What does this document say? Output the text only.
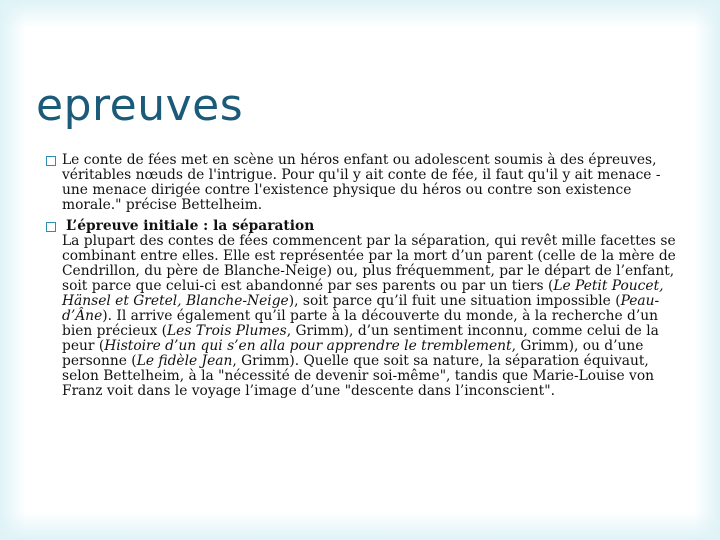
epreuves

Le conte de fées met en scène un héros enfant ou adolescent soumis à des épreuves, véritables nœuds de l'intrigue. Pour qu'il y ait conte de fée, il faut qu'il y ait menace - une menace dirigée contre l'existence physique du héros ou contre son existence morale." précise Bettelheim.

L’épreuve initiale : la séparation

La plupart des contes de fées commencent par la séparation, qui revêt mille facettes se combinant entre elles. Elle est représentée par la mort d’un parent (celle de la mère de Cendrillon, du père de Blanche-Neige) ou, plus fréquemment, par le départ de l’enfant, soit parce que celui-ci est abandonné par ses parents ou par un tiers (Le Petit Poucet, Hänsel et Gretel, Blanche-Neige), soit parce qu’il fuit une situation impossible (Peau-d’Âne). Il arrive également qu’il parte à la découverte du monde, à la recherche d’un bien précieux (Les Trois Plumes, Grimm), d’un sentiment inconnu, comme celui de la peur (Histoire d’un qui s’en alla pour apprendre le tremblement, Grimm), ou d’une personne (Le fidèle Jean, Grimm). Quelle que soit sa nature, la séparation équivaut, selon Bettelheim, à la "nécessité de devenir soi-même", tandis que Marie-Louise von Franz voit dans le voyage l’image d’une "descente dans l’inconscient".
